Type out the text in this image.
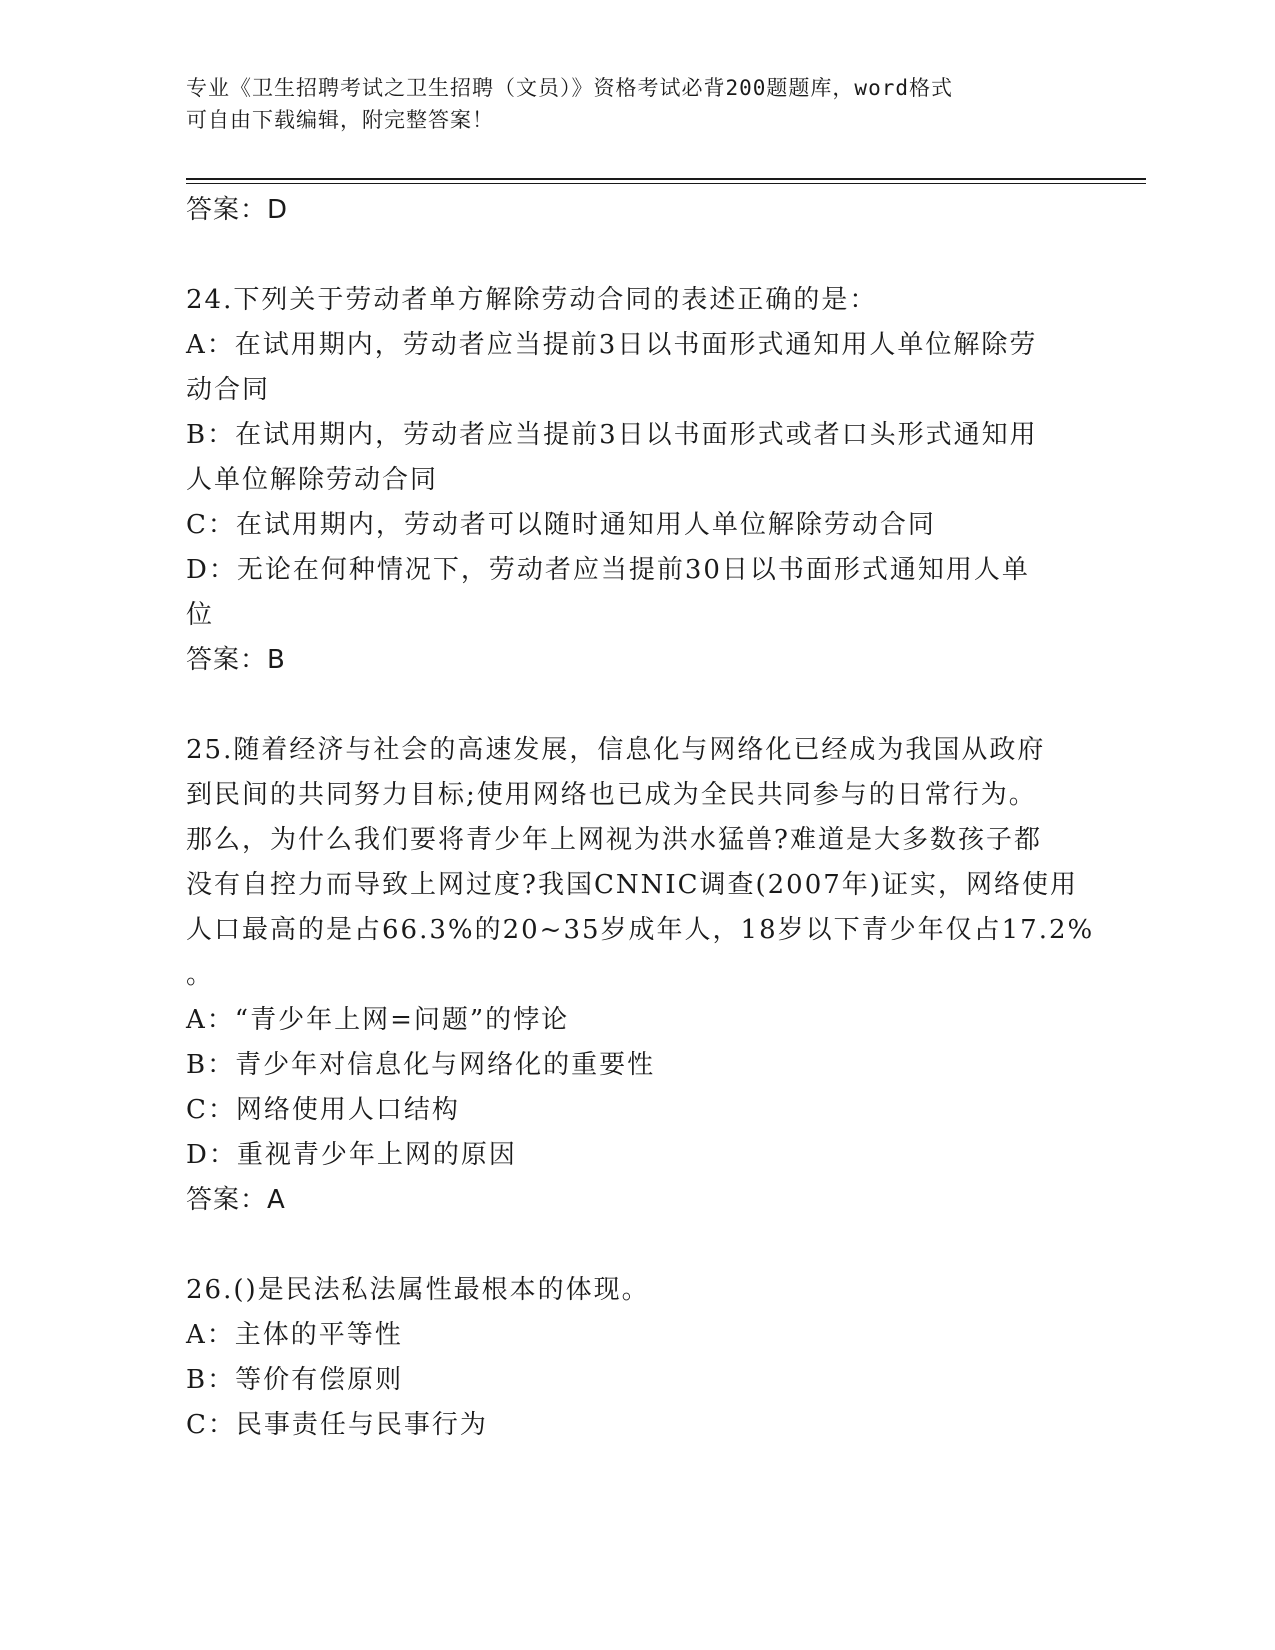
专业《卫生招聘考试之卫生招聘（文员）》资格考试必背200题题库，word格式
可自由下载编辑，附完整答案！
答案：D
24.下列关于劳动者单方解除劳动合同的表述正确的是：
A：在试用期内，劳动者应当提前3日以书面形式通知用人单位解除劳
动合同
B：在试用期内，劳动者应当提前3日以书面形式或者口头形式通知用
人单位解除劳动合同
C：在试用期内，劳动者可以随时通知用人单位解除劳动合同
D：无论在何种情况下，劳动者应当提前30日以书面形式通知用人单
位
答案：B
25.随着经济与社会的高速发展，信息化与网络化已经成为我国从政府
到民间的共同努力目标;使用网络也已成为全民共同参与的日常行为。
那么，为什么我们要将青少年上网视为洪水猛兽?难道是大多数孩子都
没有自控力而导致上网过度?我国CNNIC调查(2007年)证实，网络使用
人口最高的是占66.3%的20~35岁成年人，18岁以下青少年仅占17.2%
。
A：“青少年上网=问题”的悖论
B：青少年对信息化与网络化的重要性
C：网络使用人口结构
D：重视青少年上网的原因
答案：A
26.()是民法私法属性最根本的体现。
A：主体的平等性
B：等价有偿原则
C：民事责任与民事行为
